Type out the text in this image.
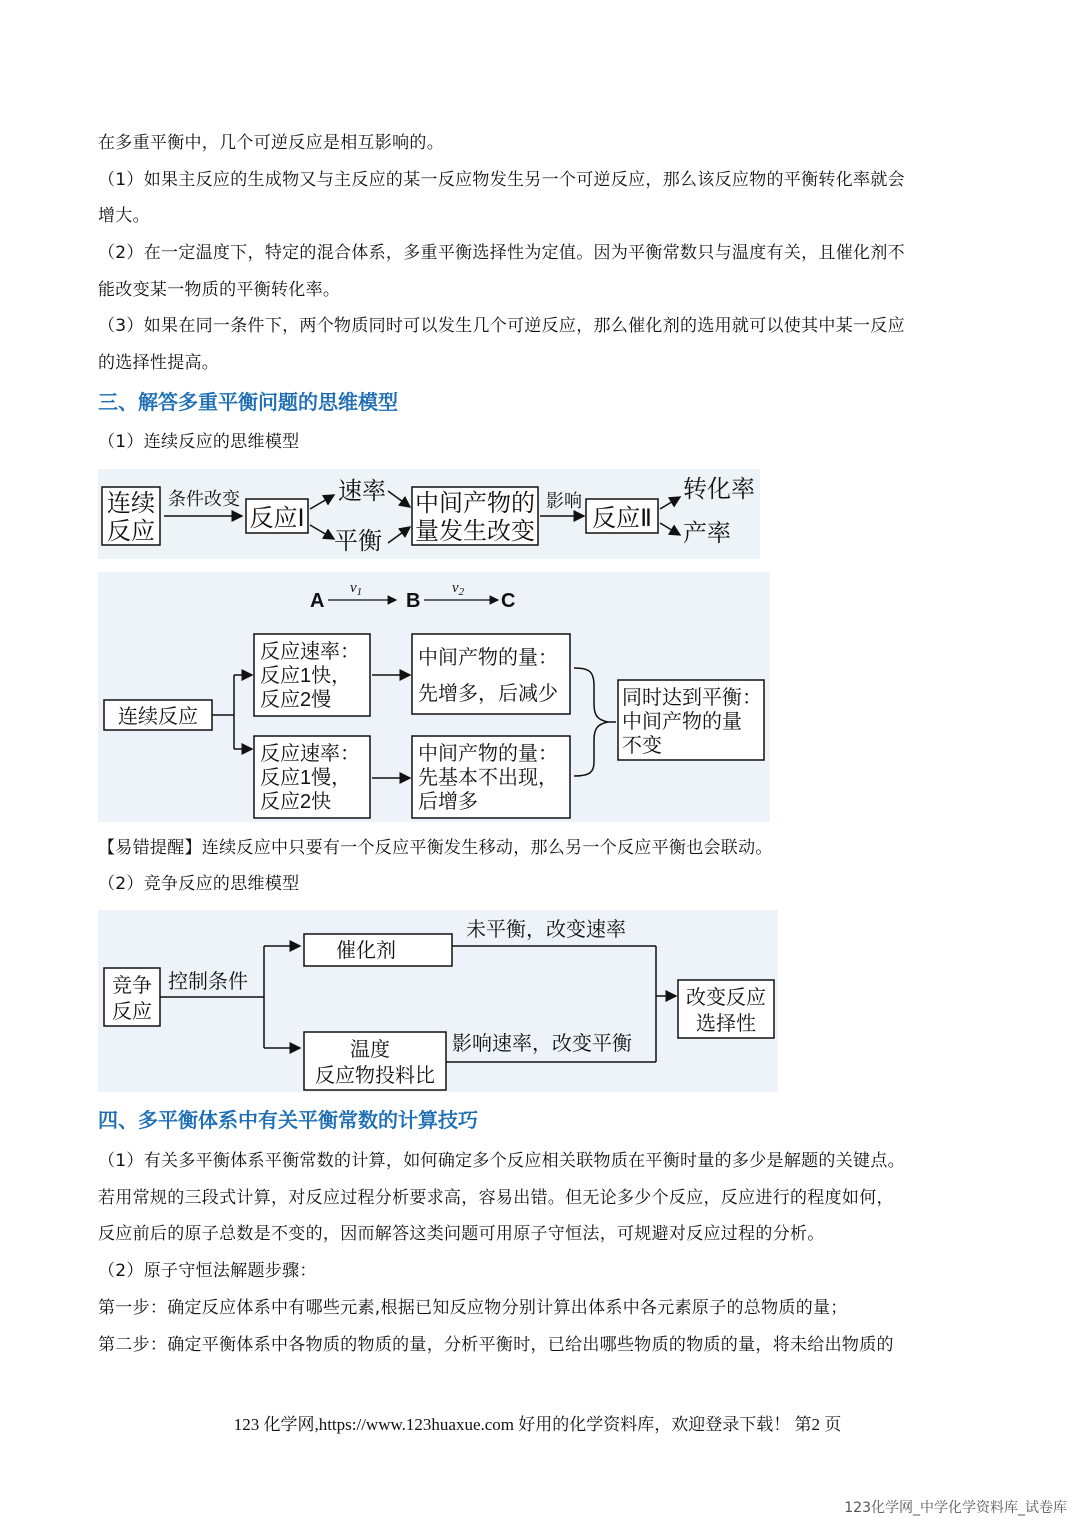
在多重平衡中，几个可逆反应是相互影响的。
（1）如果主反应的生成物又与主反应的某一反应物发生另一个可逆反应，那么该反应物的平衡转化率就会
增大。
（2）在一定温度下，特定的混合体系，多重平衡选择性为定值。因为平衡常数只与温度有关，且催化剂不
能改变某一物质的平衡转化率。
（3）如果在同一条件下，两个物质同时可以发生几个可逆反应，那么催化剂的选用就可以使其中某一反应
的选择性提高。
三、解答多重平衡问题的思维模型
（1）连续反应的思维模型
连续
反应
条件改变
反应Ⅰ
速率
平衡
中间产物的
量发生改变
影响
反应Ⅱ
转化率
产率
A
$v_1$ B
$v_2$ C
连续反应
反应速率：
反应1快，
反应2慢
反应速率：
反应1慢，
反应2快
中间产物的量：
先增多，后减少
中间产物的量：
先基本不出现，
后增多
同时达到平衡：
中间产物的量
不变
【易错提醒】连续反应中只要有一个反应平衡发生移动，那么另一个反应平衡也会联动。
（2）竞争反应的思维模型
竞争
反应
控制条件
催化剂
未平衡，改变速率
温度
反应物投料比
影响速率，改变平衡
改变反应
选择性
四、多平衡体系中有关平衡常数的计算技巧
（1）有关多平衡体系平衡常数的计算，如何确定多个反应相关联物质在平衡时量的多少是解题的关键点。
若用常规的三段式计算，对反应过程分析要求高，容易出错。但无论多少个反应，反应进行的程度如何，
反应前后的原子总数是不变的，因而解答这类问题可用原子守恒法，可规避对反应过程的分析。
（2）原子守恒法解题步骤：
第一步：确定反应体系中有哪些元素,根据已知反应物分别计算出体系中各元素原子的总物质的量；
第二步：确定平衡体系中各物质的物质的量，分析平衡时，已给出哪些物质的物质的量，将未给出物质的
123 化学网,https://www.123huaxue.com 好用的化学资料库，欢迎登录下载！ 第2 页
123化学网_中学化学资料库_试卷库
